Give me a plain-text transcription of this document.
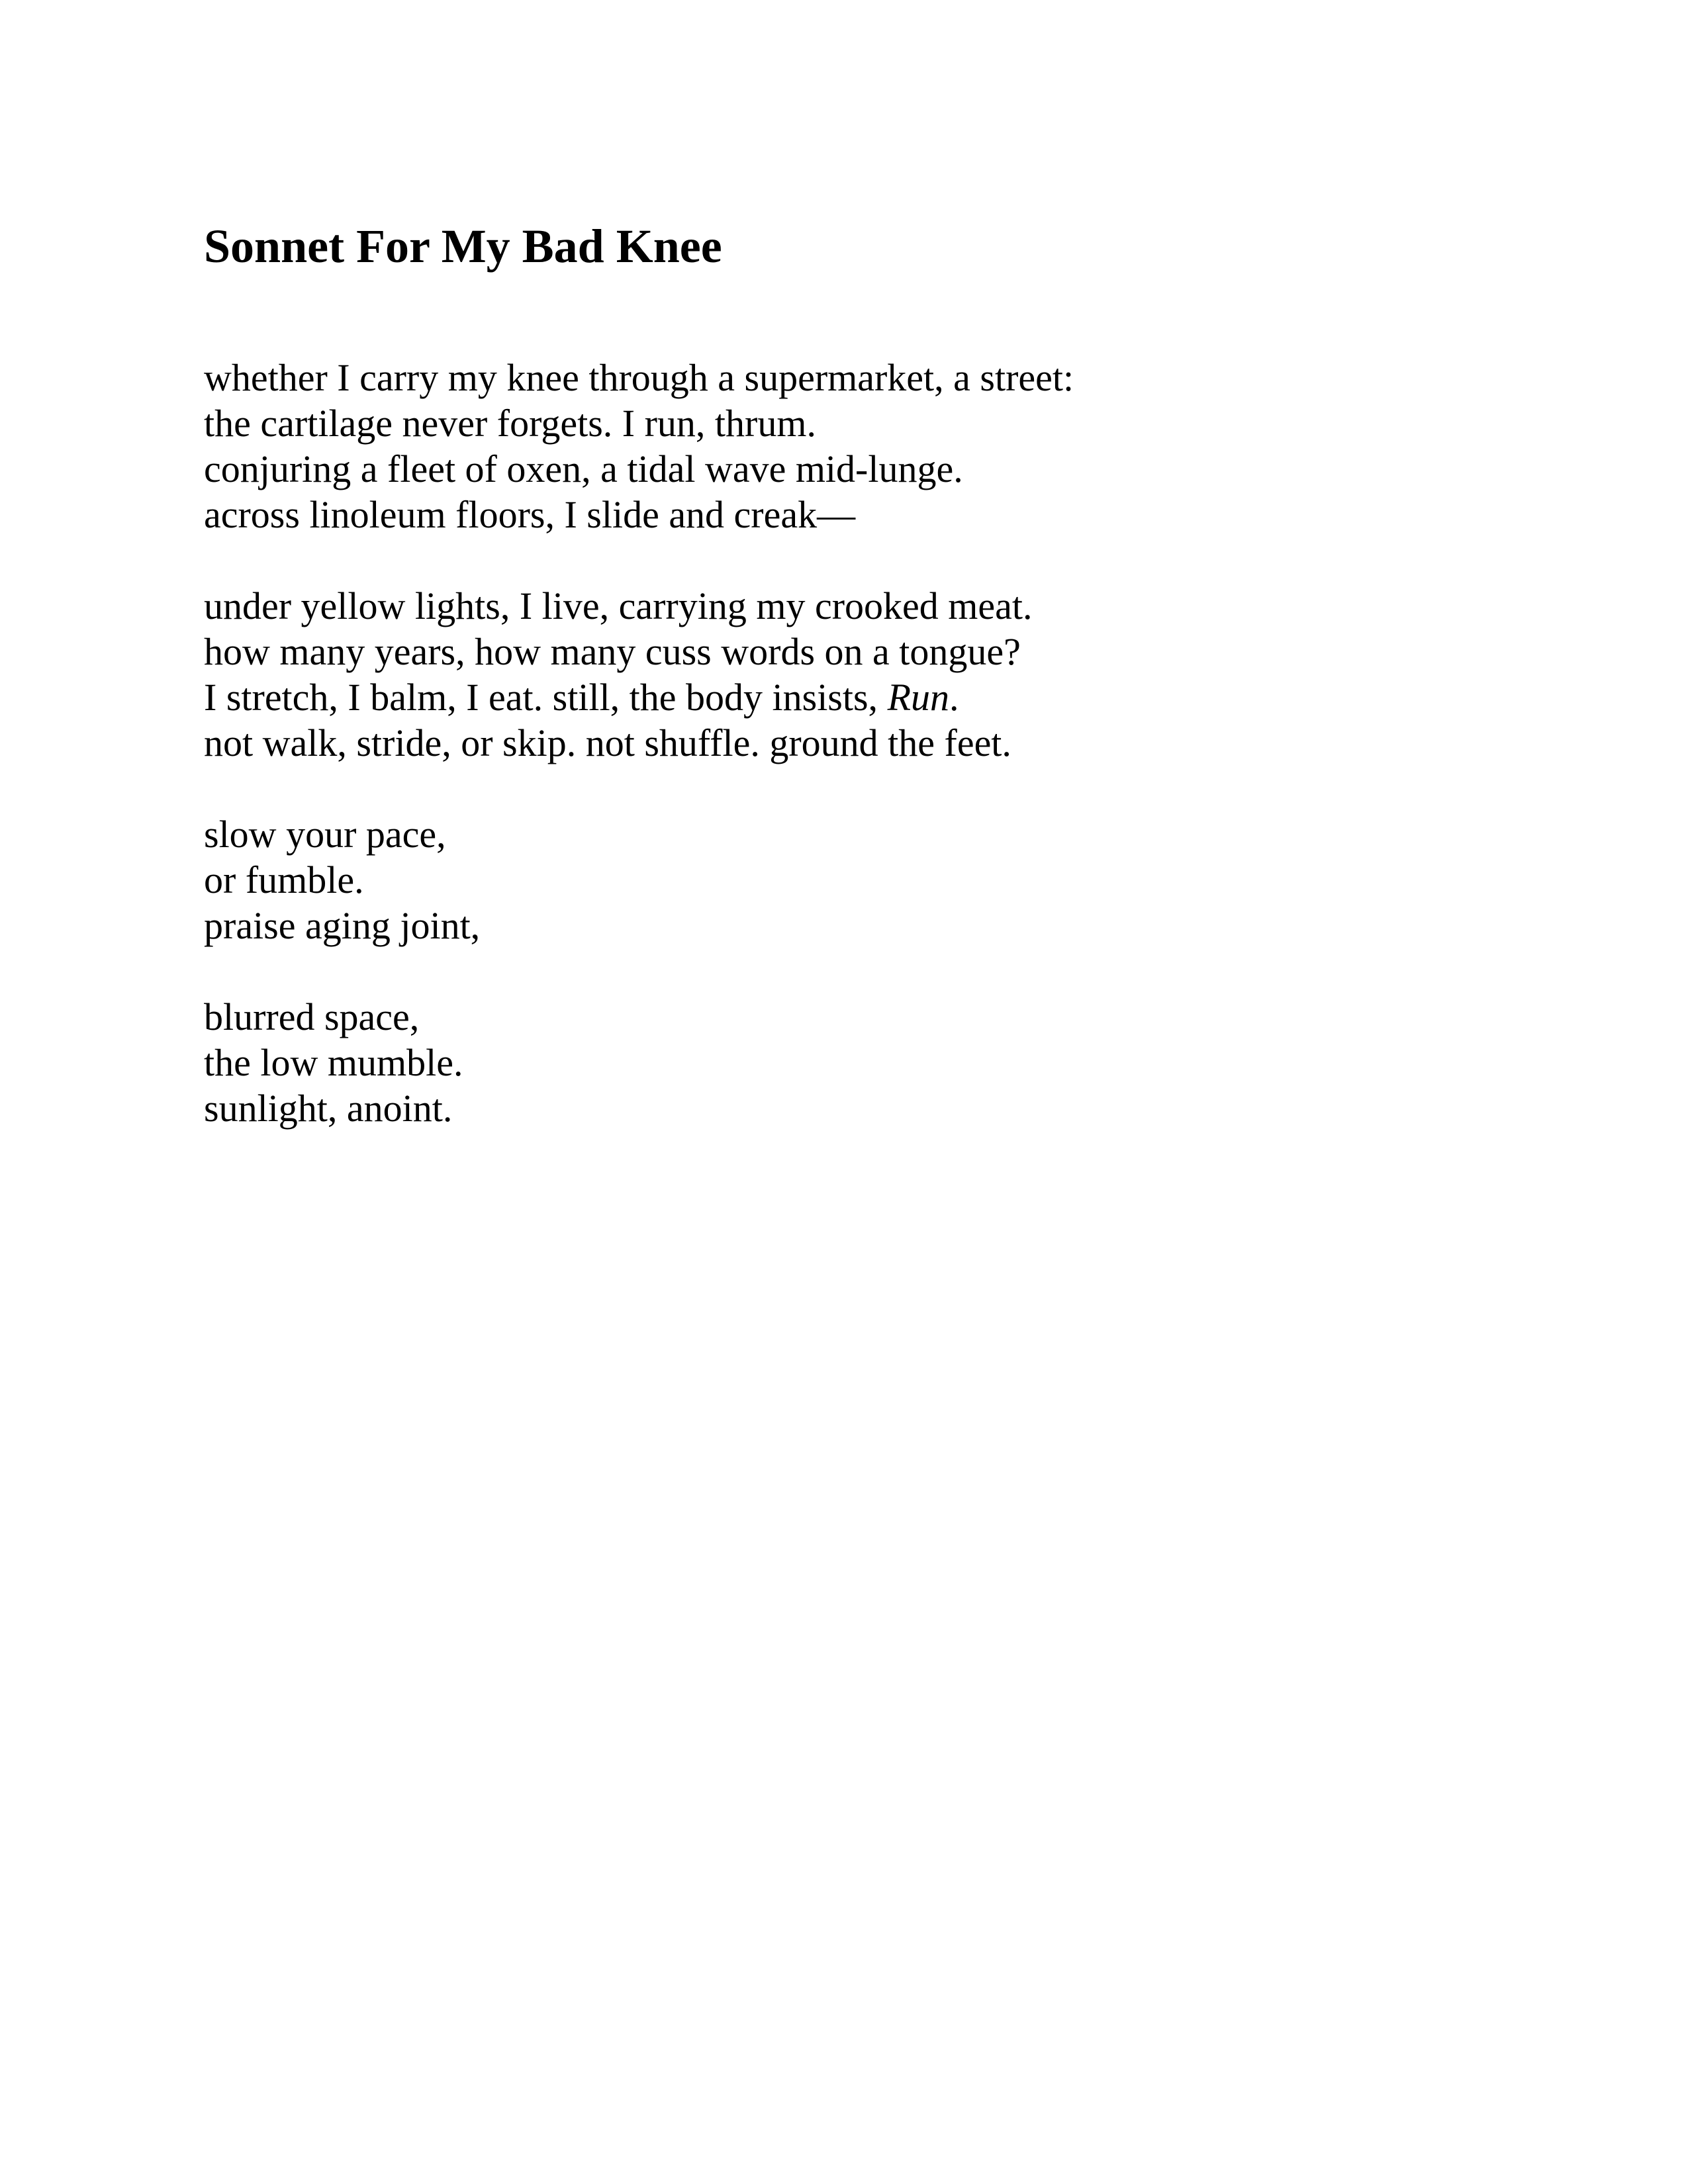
Sonnet For My Bad Knee

whether I carry my knee through a supermarket, a street:
the cartilage never forgets. I run, thrum.
conjuring a fleet of oxen, a tidal wave mid-lunge.
across linoleum floors, I slide and creak—

under yellow lights, I live, carrying my crooked meat.
how many years, how many cuss words on a tongue?
I stretch, I balm, I eat. still, the body insists, Run.
not walk, stride, or skip. not shuffle. ground the feet.

slow your pace,
or fumble.
praise aging joint,

blurred space,
the low mumble.
sunlight, anoint.
